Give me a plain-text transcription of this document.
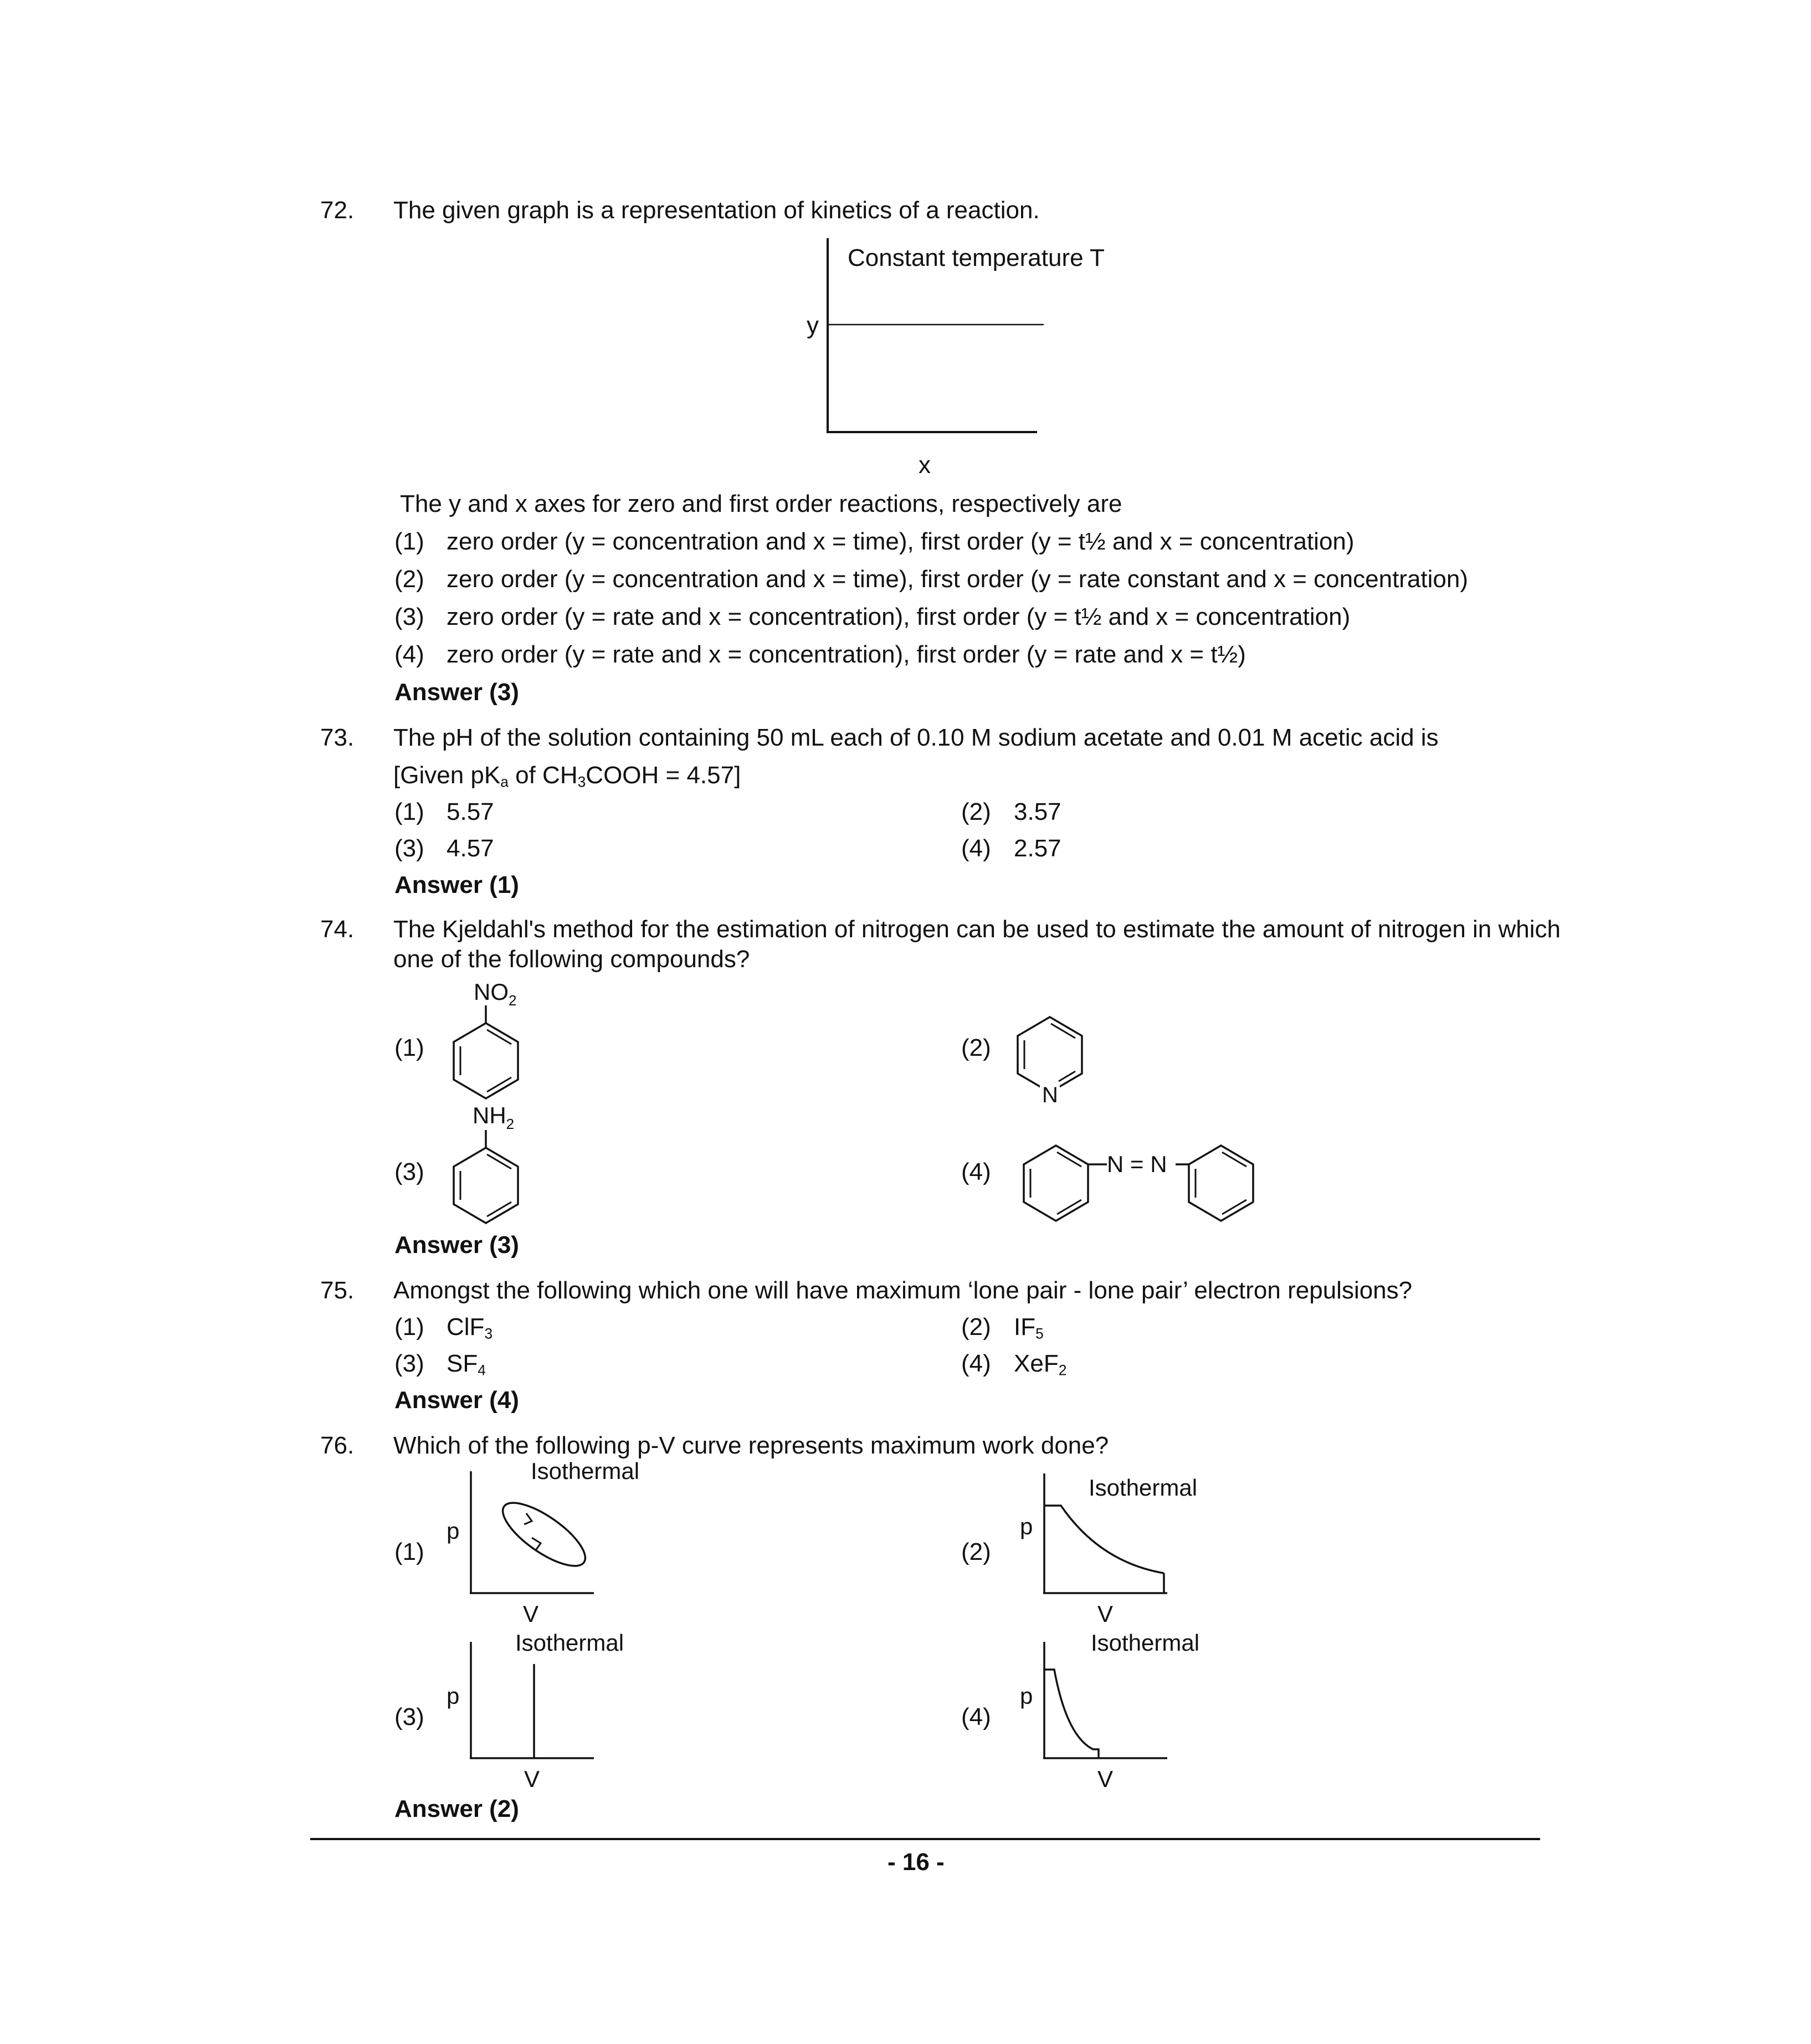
72. The given graph is a representation of kinetics of a reaction.
Constant temperature T
y
x
The y and x axes for zero and first order reactions, respectively are
(1) zero order (y = concentration and x = time), first order (y = t½ and x = concentration)
(2) zero order (y = concentration and x = time), first order (y = rate constant and x = concentration)
(3) zero order (y = rate and x = concentration), first order (y = t½ and x = concentration)
(4) zero order (y = rate and x = concentration), first order (y = rate and x = t½)
Answer (3)
73. The pH of the solution containing 50 mL each of 0.10 M sodium acetate and 0.01 M acetic acid is
[Given $pK_a$ of $CH_3COOH = 4.57$]
(1) 5.57	(2) 3.57
(3) 4.57	(4) 2.57
Answer (1)
74. The Kjeldahl's method for the estimation of nitrogen can be used to estimate the amount of nitrogen in which
one of the following compounds?
(1)
$NO_2$
(2)
N
(3)
$NH_2$
(4)	N = N
Answer (3)
75. Amongst the following which one will have maximum ‘lone pair - lone pair’ electron repulsions?
(1) ClF$_3$	(2) $IF_5$
(3) $SF_4$	(4) XeF$_2$
Answer (4)
76. Which of the following p-V curve represents maximum work done?
(1)
Isothermal
p
V
(2)
Isothermal
p
V
(3)
Isothermal
p
V
(4)
Isothermal
p
V
Answer (2)
- 16 -
